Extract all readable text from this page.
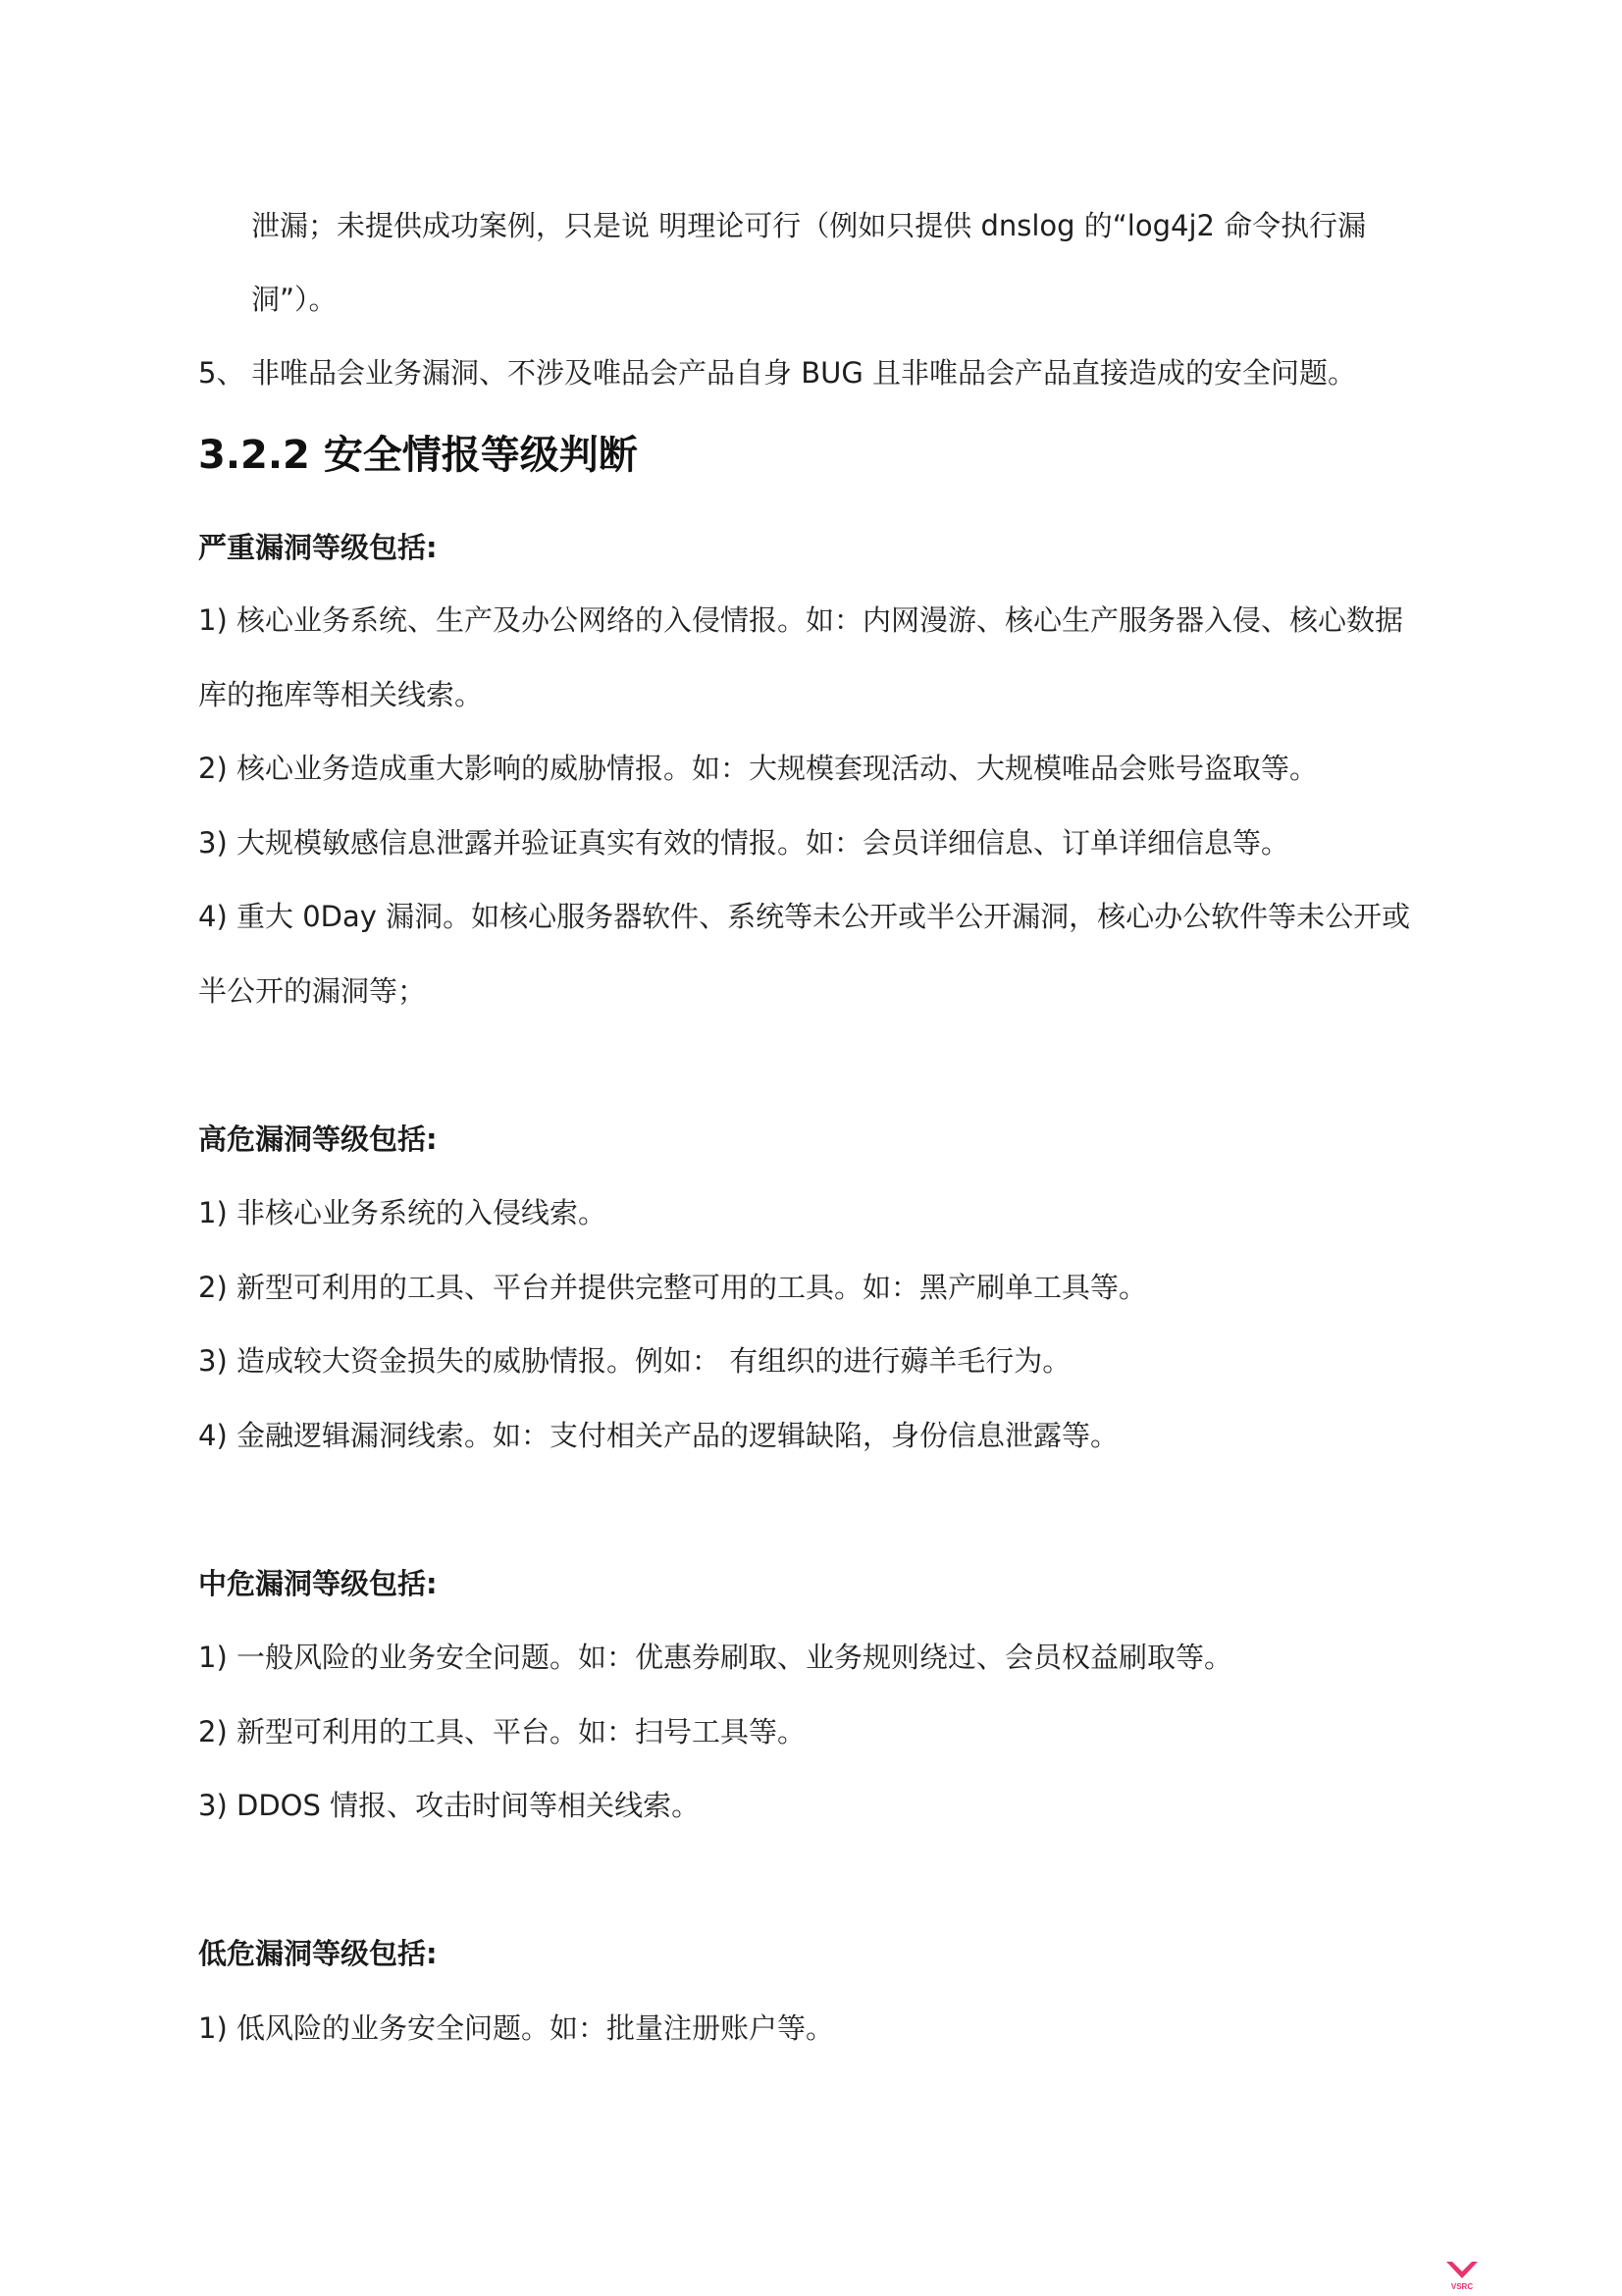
泄漏；未提供成功案例，只是说 明理论可行（例如只提供 dnslog 的“log4j2 命令执行漏
洞”）。
5、 非唯品会业务漏洞、不涉及唯品会产品自身 BUG 且非唯品会产品直接造成的安全问题。
3.2.2 安全情报等级判断
严重漏洞等级包括:
1) 核心业务系统、生产及办公网络的入侵情报。如：内网漫游、核心生产服务器入侵、核心数据
库的拖库等相关线索。
2) 核心业务造成重大影响的威胁情报。如：大规模套现活动、大规模唯品会账号盗取等。
3) 大规模敏感信息泄露并验证真实有效的情报。如：会员详细信息、订单详细信息等。
4) 重大 0Day 漏洞。如核心服务器软件、系统等未公开或半公开漏洞，核心办公软件等未公开或
半公开的漏洞等；
高危漏洞等级包括:
1) 非核心业务系统的入侵线索。
2) 新型可利用的工具、平台并提供完整可用的工具。如：黑产刷单工具等。
3) 造成较大资金损失的威胁情报。例如： 有组织的进行薅羊毛行为。
4) 金融逻辑漏洞线索。如：支付相关产品的逻辑缺陷，身份信息泄露等。
中危漏洞等级包括:
1) 一般风险的业务安全问题。如：优惠券刷取、业务规则绕过、会员权益刷取等。
2) 新型可利用的工具、平台。如：扫号工具等。
3) DDOS 情报、攻击时间等相关线索。
低危漏洞等级包括:
1) 低风险的业务安全问题。如：批量注册账户等。
VSRC
